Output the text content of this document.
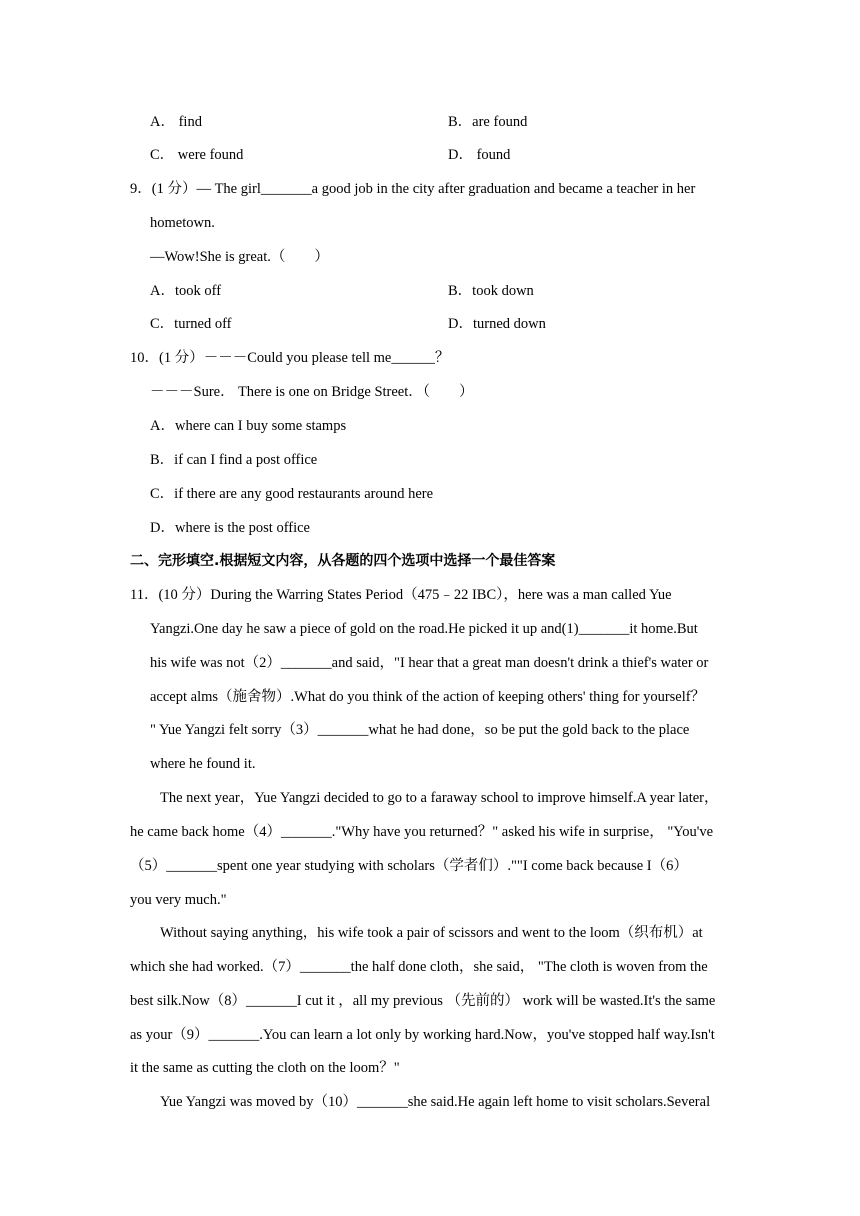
A． find	B．are found
C． were found	D． found
9．(1 分）— The girl_______a good job in the city after graduation and became a teacher in her
hometown.
—Wow!She is great.（　　）
A．took off	B．took down
C．turned off	D．turned down
10．(1 分）－－－Could you please tell me______？
－－－Sure． There is one on Bridge Street．（　　）
A．where can I buy some stamps
B．if can I find a post office
C．if there are any good restaurants around here
D．where is the post office
二、完形填空.根据短文内容，从各题的四个选项中选择一个最佳答案
11．(10 分）During the Warring States Period（475﹣22 IBC），here was a man called Yue
Yangzi.One day he saw a piece of gold on the road.He picked it up and(1)_______it home.But
his wife was not（2）_______and said，"I hear that a great man doesn't drink a thief's water or
accept alms（施舍物）.What do you think of the action of keeping others' thing for yourself？
" Yue Yangzi felt sorry（3）_______what he had done，so be put the gold back to the place
where he found it.
The next year，Yue Yangzi decided to go to a faraway school to improve himself.A year later，
he came back home（4）_______."Why have you returned？" asked his wife in surprise， "You've
（5）_______spent one year studying with scholars（学者们）.""I come back because I（6）
you very much."
Without saying anything，his wife took a pair of scissors and went to the loom（织布机）at
which she had worked.（7）_______the half done cloth，she said， "The cloth is woven from the
best silk.Now（8）_______I cut it ，all my previous （先前的） work will be wasted.It's the same
as your（9）_______.You can learn a lot only by working hard.Now，you've stopped half way.Isn't
it the same as cutting the cloth on the loom？"
Yue Yangzi was moved by（10）_______she said.He again left home to visit scholars.Several
